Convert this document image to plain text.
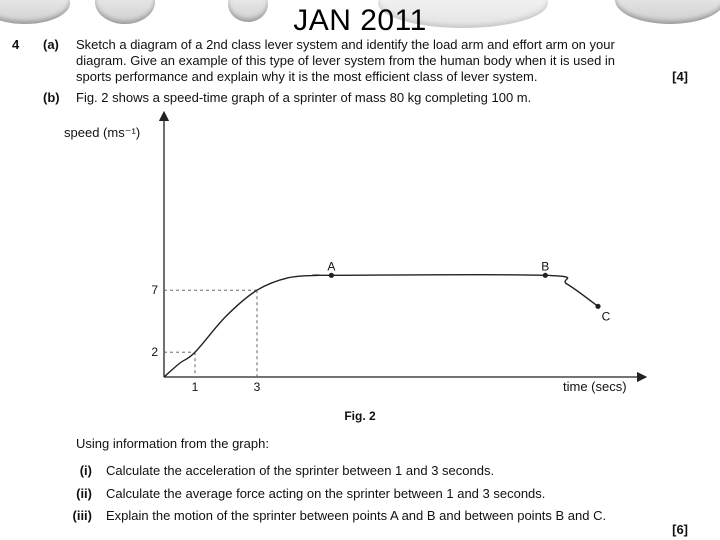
JAN 2011
4 (a) Sketch a diagram of a 2nd class lever system and identify the load arm and effort arm on your
diagram. Give an example of this type of lever system from the human body when it is used in
sports performance and explain why it is the most efficient class of lever system.	[4]
(b) Fig. 2 shows a speed-time graph of a sprinter of mass 80 kg completing 100 m.
speed (ms⁻¹)
time (secs)
1	3
2
7
A	B
C
Fig. 2
Using information from the graph:
(i) Calculate the acceleration of the sprinter between 1 and 3 seconds.
(ii) Calculate the average force acting on the sprinter between 1 and 3 seconds.
(iii) Explain the motion of the sprinter between points A and B and between points B and C.
[6]
